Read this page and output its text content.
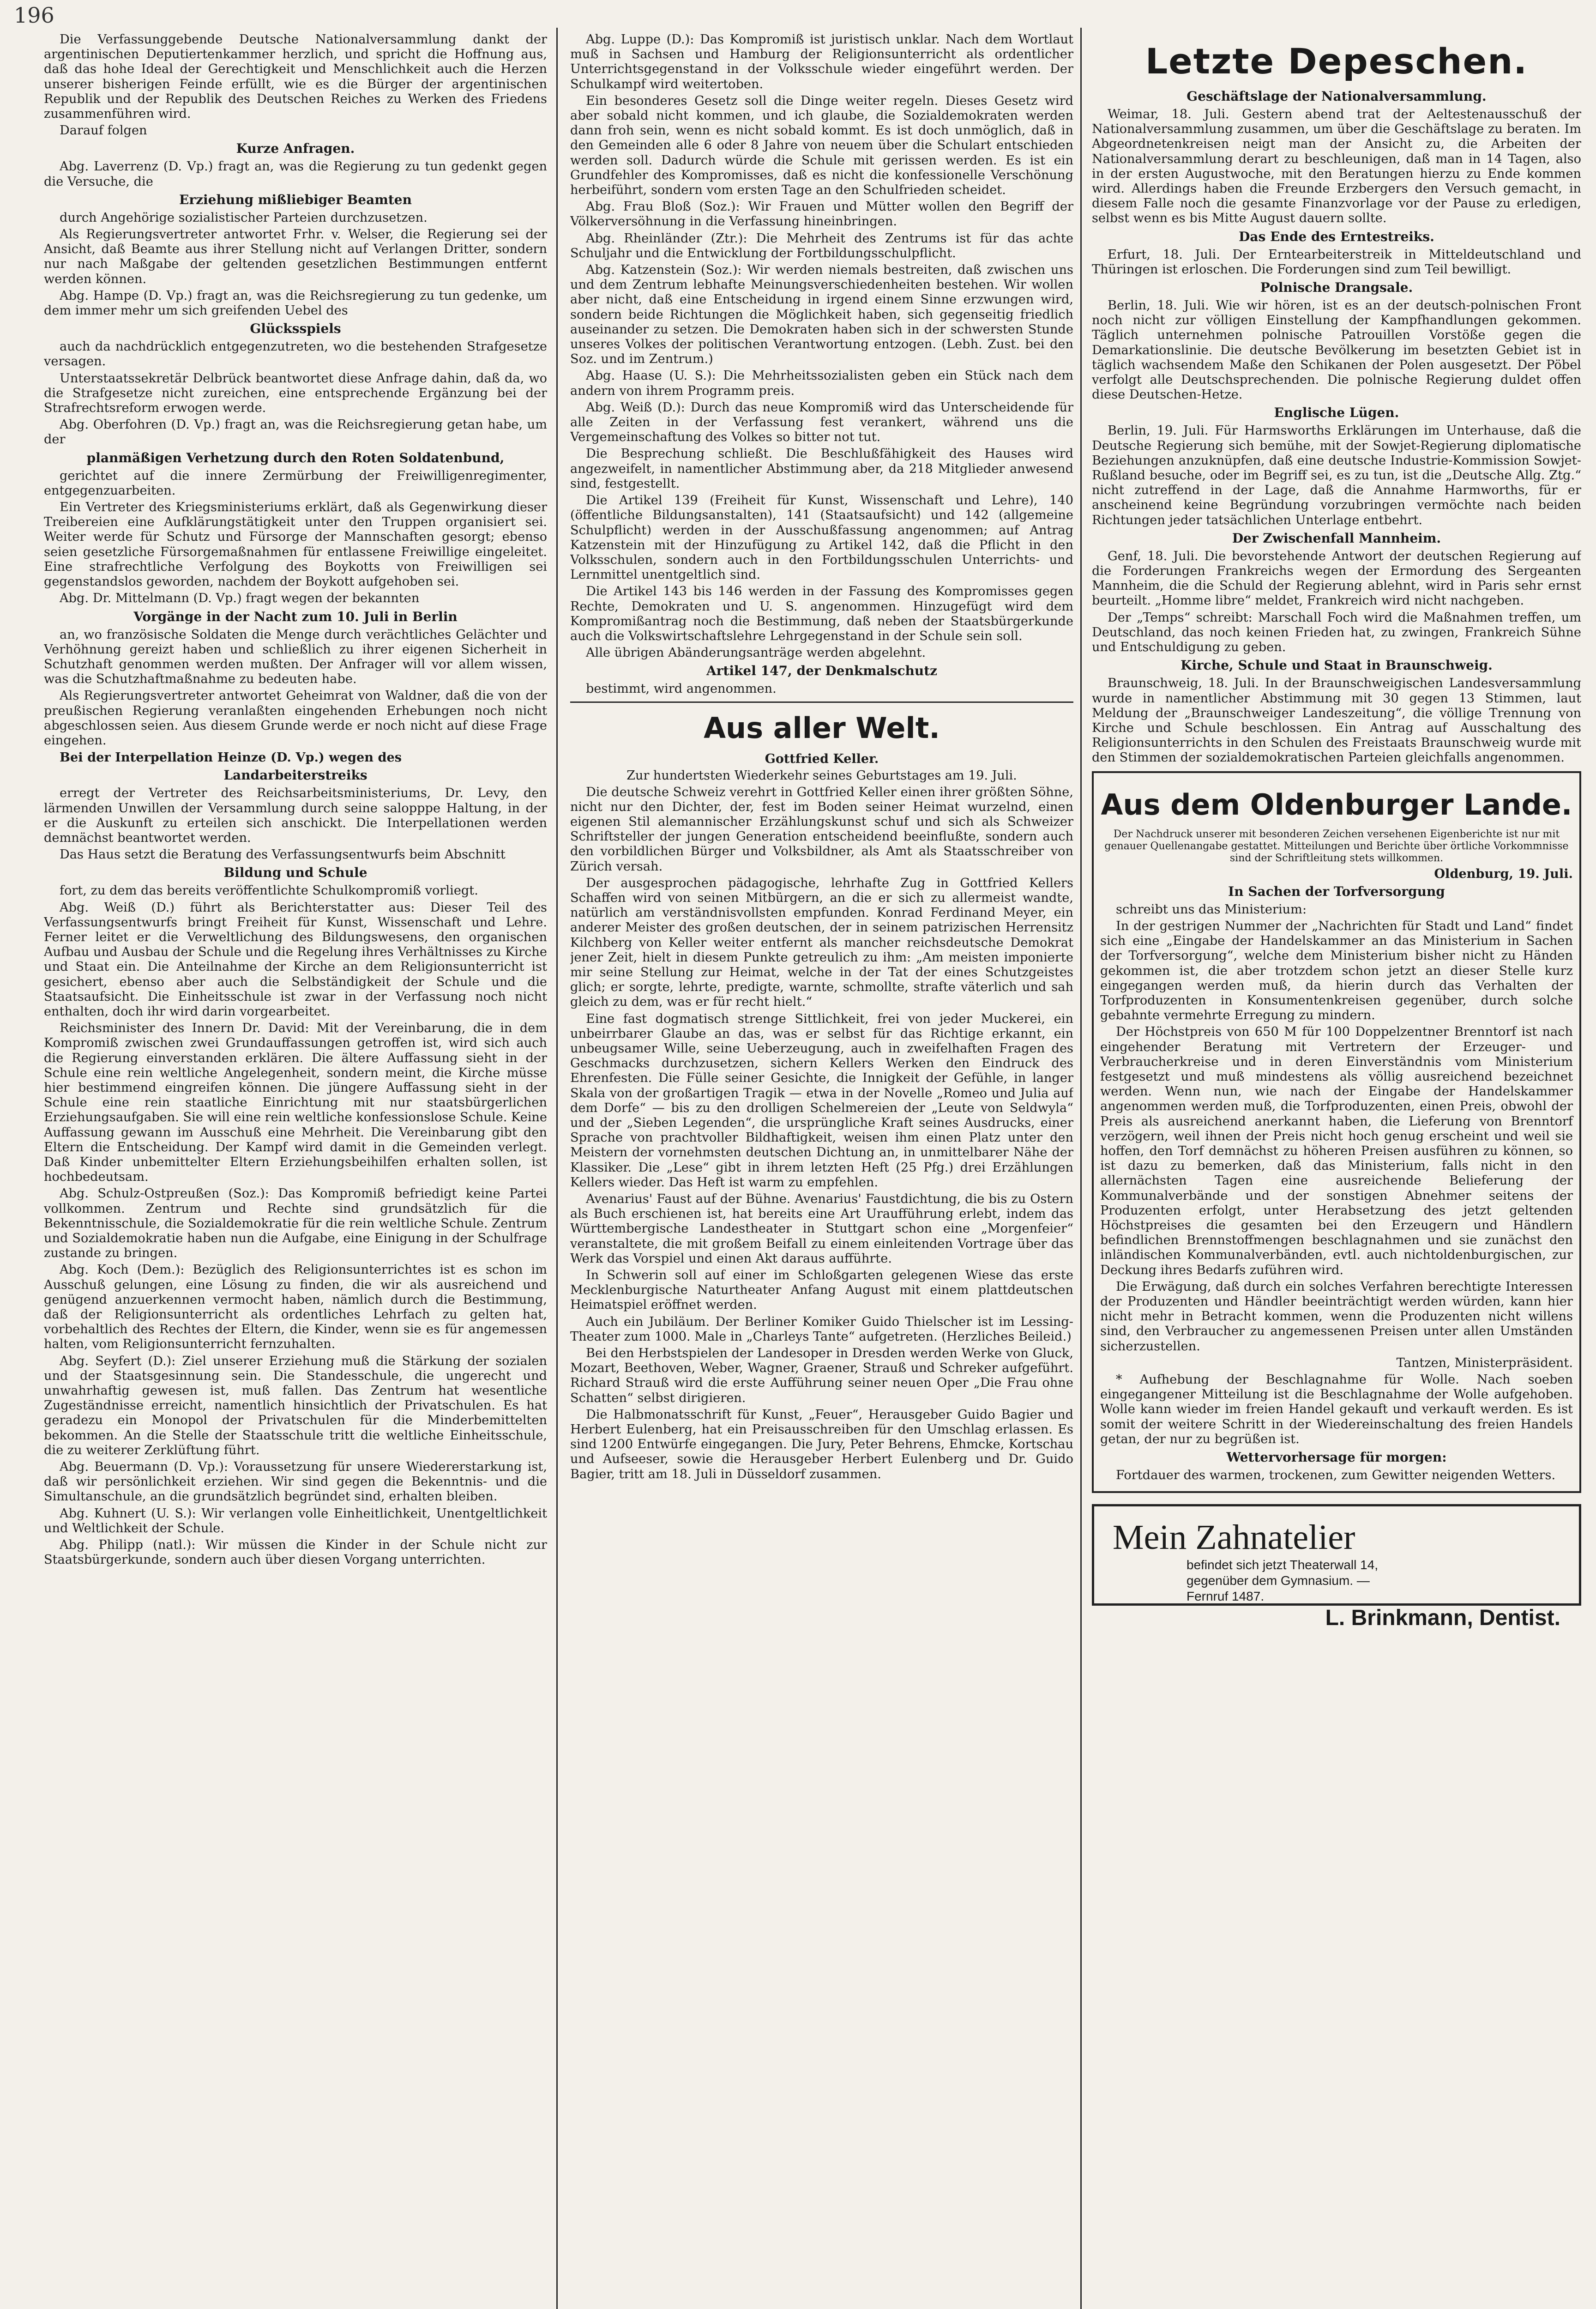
196

Die Verfassunggebende Deutsche Nationalversammlung dankt der argentinischen Deputiertenkammer herzlich, und spricht die Hoffnung aus, daß das hohe Ideal der Gerechtigkeit und Menschlichkeit auch die Herzen unserer bisherigen Feinde erfüllt, wie es die Bürger der argentinischen Republik und der Republik des Deutschen Reiches zu Werken des Friedens zusammenführen wird.

Darauf folgen

Kurze Anfragen.

Abg. Laverrenz (D. Vp.) fragt an, was die Regierung zu tun gedenkt gegen die Versuche, die

Erziehung mißliebiger Beamten

durch Angehörige sozialistischer Parteien durchzusetzen.

Als Regierungsvertreter antwortet Frhr. v. Welser, die Regierung sei der Ansicht, daß Beamte aus ihrer Stellung nicht auf Verlangen Dritter, sondern nur nach Maßgabe der geltenden gesetzlichen Bestimmungen entfernt werden können.

Abg. Hampe (D. Vp.) fragt an, was die Reichsregierung zu tun gedenke, um dem immer mehr um sich greifenden Uebel des

Glücksspiels

auch da nachdrücklich entgegenzutreten, wo die bestehenden Strafgesetze versagen.

Unterstaatssekretär Delbrück beantwortet diese Anfrage dahin, daß da, wo die Strafgesetze nicht zureichen, eine entsprechende Ergänzung bei der Strafrechtsreform erwogen werde.

Abg. Oberfohren (D. Vp.) fragt an, was die Reichsregierung getan habe, um der

planmäßigen Verhetzung durch den Roten Soldatenbund,

gerichtet auf die innere Zermürbung der Freiwilligenregimenter, entgegenzuarbeiten.

Ein Vertreter des Kriegsministeriums erklärt, daß als Gegenwirkung dieser Treibereien eine Aufklärungstätigkeit unter den Truppen organisiert sei. Weiter werde für Schutz und Fürsorge der Mannschaften gesorgt; ebenso seien gesetzliche Fürsorgemaßnahmen für entlassene Freiwillige eingeleitet. Eine strafrechtliche Verfolgung des Boykotts von Freiwilligen sei gegenstandslos geworden, nachdem der Boykott aufgehoben sei.

Abg. Dr. Mittelmann (D. Vp.) fragt wegen der bekannten

Vorgänge in der Nacht zum 10. Juli in Berlin

an, wo französische Soldaten die Menge durch verächtliches Gelächter und Verhöhnung gereizt haben und schließlich zu ihrer eigenen Sicherheit in Schutzhaft genommen werden mußten. Der Anfrager will vor allem wissen, was die Schutzhaftmaßnahme zu bedeuten habe.

Als Regierungsvertreter antwortet Geheimrat von Waldner, daß die von der preußischen Regierung veranlaßten eingehenden Erhebungen noch nicht abgeschlossen seien. Aus diesem Grunde werde er noch nicht auf diese Frage eingehen.

Bei der Interpellation Heinze (D. Vp.) wegen des

Landarbeiterstreiks

erregt der Vertreter des Reichsarbeitsministeriums, Dr. Levy, den lärmenden Unwillen der Versammlung durch seine salopppe Haltung, in der er die Auskunft zu erteilen sich anschickt. Die Interpellationen werden demnächst beantwortet werden.

Das Haus setzt die Beratung des Verfassungsentwurfs beim Abschnitt

Bildung und Schule

fort, zu dem das bereits veröffentlichte Schulkompromiß vorliegt.

Abg. Weiß (D.) führt als Berichterstatter aus: Dieser Teil des Verfassungsentwurfs bringt Freiheit für Kunst, Wissenschaft und Lehre. Ferner leitet er die Verweltlichung des Bildungswesens, den organischen Aufbau und Ausbau der Schule und die Regelung ihres Verhältnisses zu Kirche und Staat ein. Die Anteilnahme der Kirche an dem Religionsunterricht ist gesichert, ebenso aber auch die Selbständigkeit der Schule und die Staatsaufsicht. Die Einheitsschule ist zwar in der Verfassung noch nicht enthalten, doch ihr wird darin vorgearbeitet.

Reichsminister des Innern Dr. David: Mit der Vereinbarung, die in dem Kompromiß zwischen zwei Grundauffassungen getroffen ist, wird sich auch die Regierung einverstanden erklären. Die ältere Auffassung sieht in der Schule eine rein weltliche Angelegenheit, sondern meint, die Kirche müsse hier bestimmend eingreifen können. Die jüngere Auffassung sieht in der Schule eine rein staatliche Einrichtung mit nur staatsbürgerlichen Erziehungsaufgaben. Sie will eine rein weltliche konfessionslose Schule. Keine Auffassung gewann im Ausschuß eine Mehrheit. Die Vereinbarung gibt den Eltern die Entscheidung. Der Kampf wird damit in die Gemeinden verlegt. Daß Kinder unbemittelter Eltern Erziehungsbeihilfen erhalten sollen, ist hochbedeutsam.

Abg. Schulz-Ostpreußen (Soz.): Das Kompromiß befriedigt keine Partei vollkommen. Zentrum und Rechte sind grundsätzlich für die Bekenntnisschule, die Sozialdemokratie für die rein weltliche Schule. Zentrum und Sozialdemokratie haben nun die Aufgabe, eine Einigung in der Schulfrage zustande zu bringen.

Abg. Koch (Dem.): Bezüglich des Religionsunterrichtes ist es schon im Ausschuß gelungen, eine Lösung zu finden, die wir als ausreichend und genügend anzuerkennen vermocht haben, nämlich durch die Bestimmung, daß der Religionsunterricht als ordentliches Lehrfach zu gelten hat, vorbehaltlich des Rechtes der Eltern, die Kinder, wenn sie es für angemessen halten, vom Religionsunterricht fernzuhalten.

Abg. Seyfert (D.): Ziel unserer Erziehung muß die Stärkung der sozialen und der Staatsgesinnung sein. Die Standesschule, die ungerecht und unwahrhaftig gewesen ist, muß fallen. Das Zentrum hat wesentliche Zugeständnisse erreicht, namentlich hinsichtlich der Privatschulen. Es hat geradezu ein Monopol der Privatschulen für die Minderbemittelten bekommen. An die Stelle der Staatsschule tritt die weltliche Einheitsschule, die zu weiterer Zerklüftung führt.

Abg. Beuermann (D. Vp.): Voraussetzung für unsere Wiedererstarkung ist, daß wir persönlichkeit erziehen. Wir sind gegen die Bekenntnis- und die Simultanschule, an die grundsätzlich begründet sind, erhalten bleiben.

Abg. Kuhnert (U. S.): Wir verlangen volle Einheitlichkeit, Unentgeltlichkeit und Weltlichkeit der Schule.

Abg. Philipp (natl.): Wir müssen die Kinder in der Schule nicht zur Staatsbürgerkunde, sondern auch über diesen Vorgang unterrichten.

Abg. Luppe (D.): Das Kompromiß ist juristisch unklar. Nach dem Wortlaut muß in Sachsen und Hamburg der Religionsunterricht als ordentlicher Unterrichtsgegenstand in der Volksschule wieder eingeführt werden. Der Schulkampf wird weitertoben.

Ein besonderes Gesetz soll die Dinge weiter regeln. Dieses Gesetz wird aber sobald nicht kommen, und ich glaube, die Sozialdemokraten werden dann froh sein, wenn es nicht sobald kommt. Es ist doch unmöglich, daß in den Gemeinden alle 6 oder 8 Jahre von neuem über die Schulart entschieden werden soll. Dadurch würde die Schule mit gerissen werden. Es ist ein Grundfehler des Kompromisses, daß es nicht die konfessionelle Verschönung herbeiführt, sondern vom ersten Tage an den Schulfrieden scheidet.

Abg. Frau Bloß (Soz.): Wir Frauen und Mütter wollen den Begriff der Völkerversöhnung in die Verfassung hineinbringen.

Abg. Rheinländer (Ztr.): Die Mehrheit des Zentrums ist für das achte Schuljahr und die Entwicklung der Fortbildungsschulpflicht.

Abg. Katzenstein (Soz.): Wir werden niemals bestreiten, daß zwischen uns und dem Zentrum lebhafte Meinungsverschiedenheiten bestehen. Wir wollen aber nicht, daß eine Entscheidung in irgend einem Sinne erzwungen wird, sondern beide Richtungen die Möglichkeit haben, sich gegenseitig friedlich auseinander zu setzen. Die Demokraten haben sich in der schwersten Stunde unseres Volkes der politischen Verantwortung entzogen. (Lebh. Zust. bei den Soz. und im Zentrum.)

Abg. Haase (U. S.): Die Mehrheitssozialisten geben ein Stück nach dem andern von ihrem Programm preis.

Abg. Weiß (D.): Durch das neue Kompromiß wird das Unterscheidende für alle Zeiten in der Verfassung fest verankert, während uns die Vergemeinschaftung des Volkes so bitter not tut.

Die Besprechung schließt. Die Beschlußfähigkeit des Hauses wird angezweifelt, in namentlicher Abstimmung aber, da 218 Mitglieder anwesend sind, festgestellt.

Die Artikel 139 (Freiheit für Kunst, Wissenschaft und Lehre), 140 (öffentliche Bildungsanstalten), 141 (Staatsaufsicht) und 142 (allgemeine Schulpflicht) werden in der Ausschußfassung angenommen; auf Antrag Katzenstein mit der Hinzufügung zu Artikel 142, daß die Pflicht in den Volksschulen, sondern auch in den Fortbildungsschulen Unterrichts- und Lernmittel unentgeltlich sind.

Die Artikel 143 bis 146 werden in der Fassung des Kompromisses gegen Rechte, Demokraten und U. S. angenommen. Hinzugefügt wird dem Kompromißantrag noch die Bestimmung, daß neben der Staatsbürgerkunde auch die Volkswirtschaftslehre Lehrgegenstand in der Schule sein soll.

Alle übrigen Abänderungsanträge werden abgelehnt.

Artikel 147, der Denkmalschutz

bestimmt, wird angenommen.

Aus aller Welt.

Gottfried Keller.

Zur hundertsten Wiederkehr seines Geburtstages am 19. Juli.

Die deutsche Schweiz verehrt in Gottfried Keller einen ihrer größten Söhne, nicht nur den Dichter, der, fest im Boden seiner Heimat wurzelnd, einen eigenen Stil alemannischer Erzählungskunst schuf und sich als Schweizer Schriftsteller der jungen Generation entscheidend beeinflußte, sondern auch den vorbildlichen Bürger und Volksbildner, als Amt als Staatsschreiber von Zürich versah.

Der ausgesprochen pädagogische, lehrhafte Zug in Gottfried Kellers Schaffen wird von seinen Mitbürgern, an die er sich zu allermeist wandte, natürlich am verständnisvollsten empfunden. Konrad Ferdinand Meyer, ein anderer Meister des großen deutschen, der in seinem patrizischen Herrensitz Kilchberg von Keller weiter entfernt als mancher reichsdeutsche Demokrat jener Zeit, hielt in diesem Punkte getreulich zu ihm: „Am meisten imponierte mir seine Stellung zur Heimat, welche in der Tat der eines Schutzgeistes glich; er sorgte, lehrte, predigte, warnte, schmollte, strafte väterlich und sah gleich zu dem, was er für recht hielt.“

Eine fast dogmatisch strenge Sittlichkeit, frei von jeder Muckerei, ein unbeirrbarer Glaube an das, was er selbst für das Richtige erkannt, ein unbeugsamer Wille, seine Ueberzeugung, auch in zweifelhaften Fragen des Geschmacks durchzusetzen, sichern Kellers Werken den Eindruck des Ehrenfesten. Die Fülle seiner Gesichte, die Innigkeit der Gefühle, in langer Skala von der großartigen Tragik — etwa in der Novelle „Romeo und Julia auf dem Dorfe“ — bis zu den drolligen Schelmereien der „Leute von Seldwyla“ und der „Sieben Legenden“, die ursprüngliche Kraft seines Ausdrucks, einer Sprache von prachtvoller Bildhaftigkeit, weisen ihm einen Platz unter den Meistern der vornehmsten deutschen Dichtung an, in unmittelbarer Nähe der Klassiker. Die „Lese“ gibt in ihrem letzten Heft (25 Pfg.) drei Erzählungen Kellers wieder. Das Heft ist warm zu empfehlen.

Avenarius' Faust auf der Bühne. Avenarius' Faustdichtung, die bis zu Ostern als Buch erschienen ist, hat bereits eine Art Uraufführung erlebt, indem das Württembergische Landestheater in Stuttgart schon eine „Morgenfeier“ veranstaltete, die mit großem Beifall zu einem einleitenden Vortrage über das Werk das Vorspiel und einen Akt daraus aufführte.

In Schwerin soll auf einer im Schloßgarten gelegenen Wiese das erste Mecklenburgische Naturtheater Anfang August mit einem plattdeutschen Heimatspiel eröffnet werden.

Auch ein Jubiläum. Der Berliner Komiker Guido Thielscher ist im Lessing-Theater zum 1000. Male in „Charleys Tante“ aufgetreten. (Herzliches Beileid.)

Bei den Herbstspielen der Landesoper in Dresden werden Werke von Gluck, Mozart, Beethoven, Weber, Wagner, Graener, Strauß und Schreker aufgeführt. Richard Strauß wird die erste Aufführung seiner neuen Oper „Die Frau ohne Schatten“ selbst dirigieren.

Die Halbmonatsschrift für Kunst, „Feuer“, Herausgeber Guido Bagier und Herbert Eulenberg, hat ein Preisausschreiben für den Umschlag erlassen. Es sind 1200 Entwürfe eingegangen. Die Jury, Peter Behrens, Ehmcke, Kortschau und Aufseeser, sowie die Herausgeber Herbert Eulenberg und Dr. Guido Bagier, tritt am 18. Juli in Düsseldorf zusammen.

Letzte Depeschen.

Geschäftslage der Nationalversammlung.

Weimar, 18. Juli. Gestern abend trat der Aeltestenausschuß der Nationalversammlung zusammen, um über die Geschäftslage zu beraten. Im Abgeordnetenkreisen neigt man der Ansicht zu, die Arbeiten der Nationalversammlung derart zu beschleunigen, daß man in 14 Tagen, also in der ersten Augustwoche, mit den Beratungen hierzu zu Ende kommen wird. Allerdings haben die Freunde Erzbergers den Versuch gemacht, in diesem Falle noch die gesamte Finanzvorlage vor der Pause zu erledigen, selbst wenn es bis Mitte August dauern sollte.

Das Ende des Erntestreiks.

Erfurt, 18. Juli. Der Erntearbeiterstreik in Mitteldeutschland und Thüringen ist erloschen. Die Forderungen sind zum Teil bewilligt.

Polnische Drangsale.

Berlin, 18. Juli. Wie wir hören, ist es an der deutsch-polnischen Front noch nicht zur völligen Einstellung der Kampfhandlungen gekommen. Täglich unternehmen polnische Patrouillen Vorstöße gegen die Demarkationslinie. Die deutsche Bevölkerung im besetzten Gebiet ist in täglich wachsendem Maße den Schikanen der Polen ausgesetzt. Der Pöbel verfolgt alle Deutschsprechenden. Die polnische Regierung duldet offen diese Deutschen-Hetze.

Englische Lügen.

Berlin, 19. Juli. Für Harmsworths Erklärungen im Unterhause, daß die Deutsche Regierung sich bemühe, mit der Sowjet-Regierung diplomatische Beziehungen anzuknüpfen, daß eine deutsche Industrie-Kommission Sowjet-Rußland besuche, oder im Begriff sei, es zu tun, ist die „Deutsche Allg. Ztg.“ nicht zutreffend in der Lage, daß die Annahme Harmworths, für er anscheinend keine Begründung vorzubringen vermöchte nach beiden Richtungen jeder tatsächlichen Unterlage entbehrt.

Der Zwischenfall Mannheim.

Genf, 18. Juli. Die bevorstehende Antwort der deutschen Regierung auf die Forderungen Frankreichs wegen der Ermordung des Sergeanten Mannheim, die die Schuld der Regierung ablehnt, wird in Paris sehr ernst beurteilt. „Homme libre“ meldet, Frankreich wird nicht nachgeben.

Der „Temps“ schreibt: Marschall Foch wird die Maßnahmen treffen, um Deutschland, das noch keinen Frieden hat, zu zwingen, Frankreich Sühne und Entschuldigung zu geben.

Kirche, Schule und Staat in Braunschweig.

Braunschweig, 18. Juli. In der Braunschweigischen Landesversammlung wurde in namentlicher Abstimmung mit 30 gegen 13 Stimmen, laut Meldung der „Braunschweiger Landeszeitung“, die völlige Trennung von Kirche und Schule beschlossen. Ein Antrag auf Ausschaltung des Religionsunterrichts in den Schulen des Freistaats Braunschweig wurde mit den Stimmen der sozialdemokratischen Parteien gleichfalls angenommen.

Aus dem Oldenburger Lande.

Der Nachdruck unserer mit besonderen Zeichen versehenen Eigenberichte ist nur mit genauer Quellenangabe gestattet. Mitteilungen und Berichte über örtliche Vorkommnisse sind der Schriftleitung stets willkommen.

Oldenburg, 19. Juli.

In Sachen der Torfversorgung

schreibt uns das Ministerium:

In der gestrigen Nummer der „Nachrichten für Stadt und Land“ findet sich eine „Eingabe der Handelskammer an das Ministerium in Sachen der Torfversorgung“, welche dem Ministerium bisher nicht zu Händen gekommen ist, die aber trotzdem schon jetzt an dieser Stelle kurz eingegangen werden muß, da hierin durch das Verhalten der Torfproduzenten in Konsumentenkreisen gegenüber, durch solche gebahnte vermehrte Erregung zu mindern.

Der Höchstpreis von 650 M für 100 Doppelzentner Brenntorf ist nach eingehender Beratung mit Vertretern der Erzeuger- und Verbraucherkreise und in deren Einverständnis vom Ministerium festgesetzt und muß mindestens als völlig ausreichend bezeichnet werden. Wenn nun, wie nach der Eingabe der Handelskammer angenommen werden muß, die Torfproduzenten, einen Preis, obwohl der Preis als ausreichend anerkannt haben, die Lieferung von Brenntorf verzögern, weil ihnen der Preis nicht hoch genug erscheint und weil sie hoffen, den Torf demnächst zu höheren Preisen ausführen zu können, so ist dazu zu bemerken, daß das Ministerium, falls nicht in den allernächsten Tagen eine ausreichende Belieferung der Kommunalverbände und der sonstigen Abnehmer seitens der Produzenten erfolgt, unter Herabsetzung des jetzt geltenden Höchstpreises die gesamten bei den Erzeugern und Händlern befindlichen Brennstoffmengen beschlagnahmen und sie zunächst den inländischen Kommunalverbänden, evtl. auch nichtoldenburgischen, zur Deckung ihres Bedarfs zuführen wird.

Die Erwägung, daß durch ein solches Verfahren berechtigte Interessen der Produzenten und Händler beeinträchtigt werden würden, kann hier nicht mehr in Betracht kommen, wenn die Produzenten nicht willens sind, den Verbraucher zu angemessenen Preisen unter allen Umständen sicherzustellen.

Tantzen, Ministerpräsident.

* Aufhebung der Beschlagnahme für Wolle. Nach soeben eingegangener Mitteilung ist die Beschlagnahme der Wolle aufgehoben. Wolle kann wieder im freien Handel gekauft und verkauft werden. Es ist somit der weitere Schritt in der Wiedereinschaltung des freien Handels getan, der nur zu begrüßen ist.

Wettervorhersage für morgen:

Fortdauer des warmen, trockenen, zum Gewitter neigenden Wetters.

Mein Zahnatelier
befindet sich jetzt Theaterwall 14,
gegenüber dem Gymnasium. —
Fernruf 1487.
L. Brinkmann, Dentist.
